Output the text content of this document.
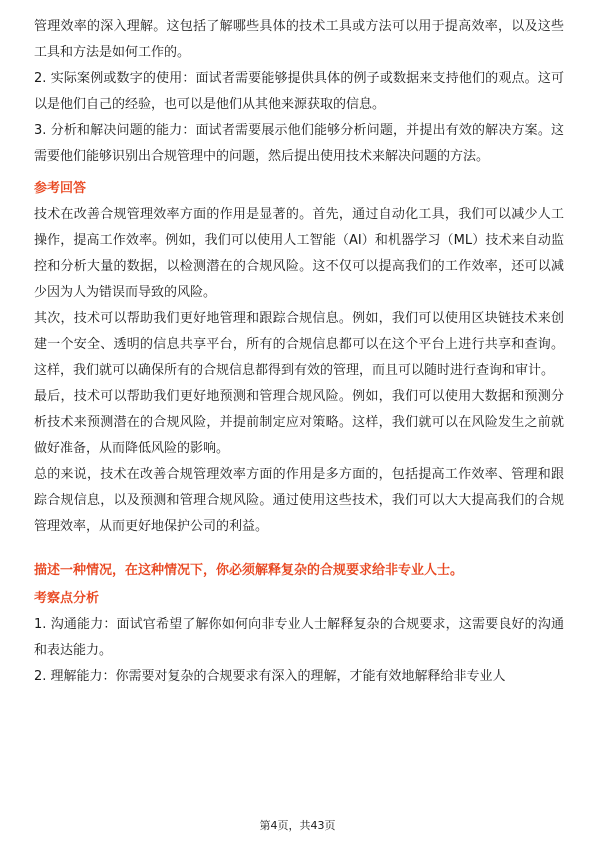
管理效率的深入理解。这包括了解哪些具体的技术工具或方法可以用于提高效率，以及这些工具和方法是如何工作的。

2. 实际案例或数字的使用：面试者需要能够提供具体的例子或数据来支持他们的观点。这可以是他们自己的经验，也可以是他们从其他来源获取的信息。

3. 分析和解决问题的能力：面试者需要展示他们能够分析问题，并提出有效的解决方案。这需要他们能够识别出合规管理中的问题，然后提出使用技术来解决问题的方法。

参考回答

技术在改善合规管理效率方面的作用是显著的。首先，通过自动化工具，我们可以减少人工操作，提高工作效率。例如，我们可以使用人工智能（AI）和机器学习（ML）技术来自动监控和分析大量的数据，以检测潜在的合规风险。这不仅可以提高我们的工作效率，还可以减少因为人为错误而导致的风险。

其次，技术可以帮助我们更好地管理和跟踪合规信息。例如，我们可以使用区块链技术来创建一个安全、透明的信息共享平台，所有的合规信息都可以在这个平台上进行共享和查询。这样，我们就可以确保所有的合规信息都得到有效的管理，而且可以随时进行查询和审计。

最后，技术可以帮助我们更好地预测和管理合规风险。例如，我们可以使用大数据和预测分析技术来预测潜在的合规风险，并提前制定应对策略。这样，我们就可以在风险发生之前就做好准备，从而降低风险的影响。

总的来说，技术在改善合规管理效率方面的作用是多方面的，包括提高工作效率、管理和跟踪合规信息，以及预测和管理合规风险。通过使用这些技术，我们可以大大提高我们的合规管理效率，从而更好地保护公司的利益。

描述一种情况，在这种情况下，你必须解释复杂的合规要求给非专业人士。

考察点分析

1. 沟通能力：面试官希望了解你如何向非专业人士解释复杂的合规要求，这需要良好的沟通和表达能力。

2. 理解能力：你需要对复杂的合规要求有深入的理解，才能有效地解释给非专业人

第4页，共43页
